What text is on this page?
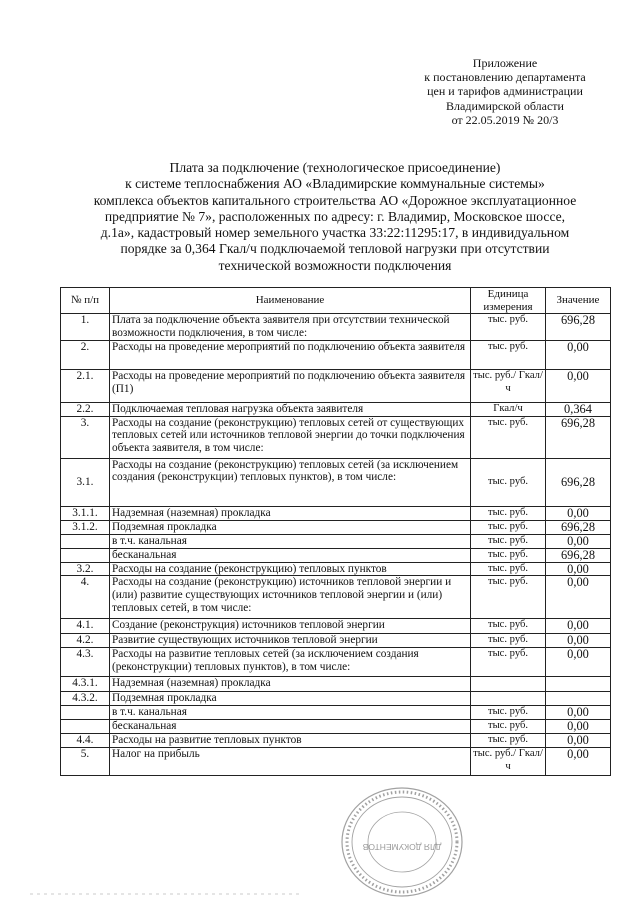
Приложение
к постановлению департамента
цен и тарифов администрации
Владимирской области
от 22.05.2019 № 20/3
Плата за подключение (технологическое присоединение)
к системе теплоснабжения АО «Владимирские коммунальные системы»
комплекса объектов капитального строительства АО «Дорожное эксплуатационное
предприятие № 7», расположенных по адресу: г. Владимир, Московское шоссе,
д.1а», кадастровый номер земельного участка 33:22:11295:17, в индивидуальном
порядке за 0,364 Гкал/ч подключаемой тепловой нагрузки при отсутствии
технической возможности подключения
№ п/п	Наименование	Единица измерения	Значение
1.	Плата за подключение объекта заявителя при отсутствии технической возможности подключения, в том числе:	тыс. руб.	696,28
2.	Расходы на проведение мероприятий по подключению объекта заявителя	тыс. руб.	0,00
2.1.	Расходы на проведение мероприятий по подключению объекта заявителя (П1)	тыс. руб./ Гкал/ч	0,00
2.2.	Подключаемая тепловая нагрузка объекта заявителя	Гкал/ч	0,364
3.	Расходы на создание (реконструкцию) тепловых сетей от существующих тепловых сетей или источников тепловой энергии до точки подключения объекта заявителя, в том числе:	тыс. руб.	696,28
3.1.	Расходы на создание (реконструкцию) тепловых сетей (за исключением создания (реконструкции) тепловых пунктов), в том числе:	тыс. руб.	696,28
3.1.1.	Надземная (наземная) прокладка	тыс. руб.	0,00
3.1.2.	Подземная прокладка	тыс. руб.	696,28
	в т.ч. канальная	тыс. руб.	0,00
	бесканальная	тыс. руб.	696,28
3.2.	Расходы на создание (реконструкцию) тепловых пунктов	тыс. руб.	0,00
4.	Расходы на создание (реконструкцию) источников тепловой энергии и (или) развитие существующих источников тепловой энергии и (или) тепловых сетей, в том числе:	тыс. руб.	0,00
4.1.	Создание (реконструкция) источников тепловой энергии	тыс. руб.	0,00
4.2.	Развитие существующих источников тепловой энергии	тыс. руб.	0,00
4.3.	Расходы на развитие тепловых сетей (за исключением создания (реконструкции) тепловых пунктов), в том числе:	тыс. руб.	0,00
4.3.1.	Надземная (наземная) прокладка		
4.3.2.	Подземная прокладка		
	в т.ч. канальная	тыс. руб.	0,00
	бесканальная	тыс. руб.	0,00
4.4.	Расходы на развитие тепловых пунктов	тыс. руб.	0,00
5.	Налог на прибыль	тыс. руб./ Гкал/ч	0,00
ДЛЯ ДОКУМЕНТОВ
